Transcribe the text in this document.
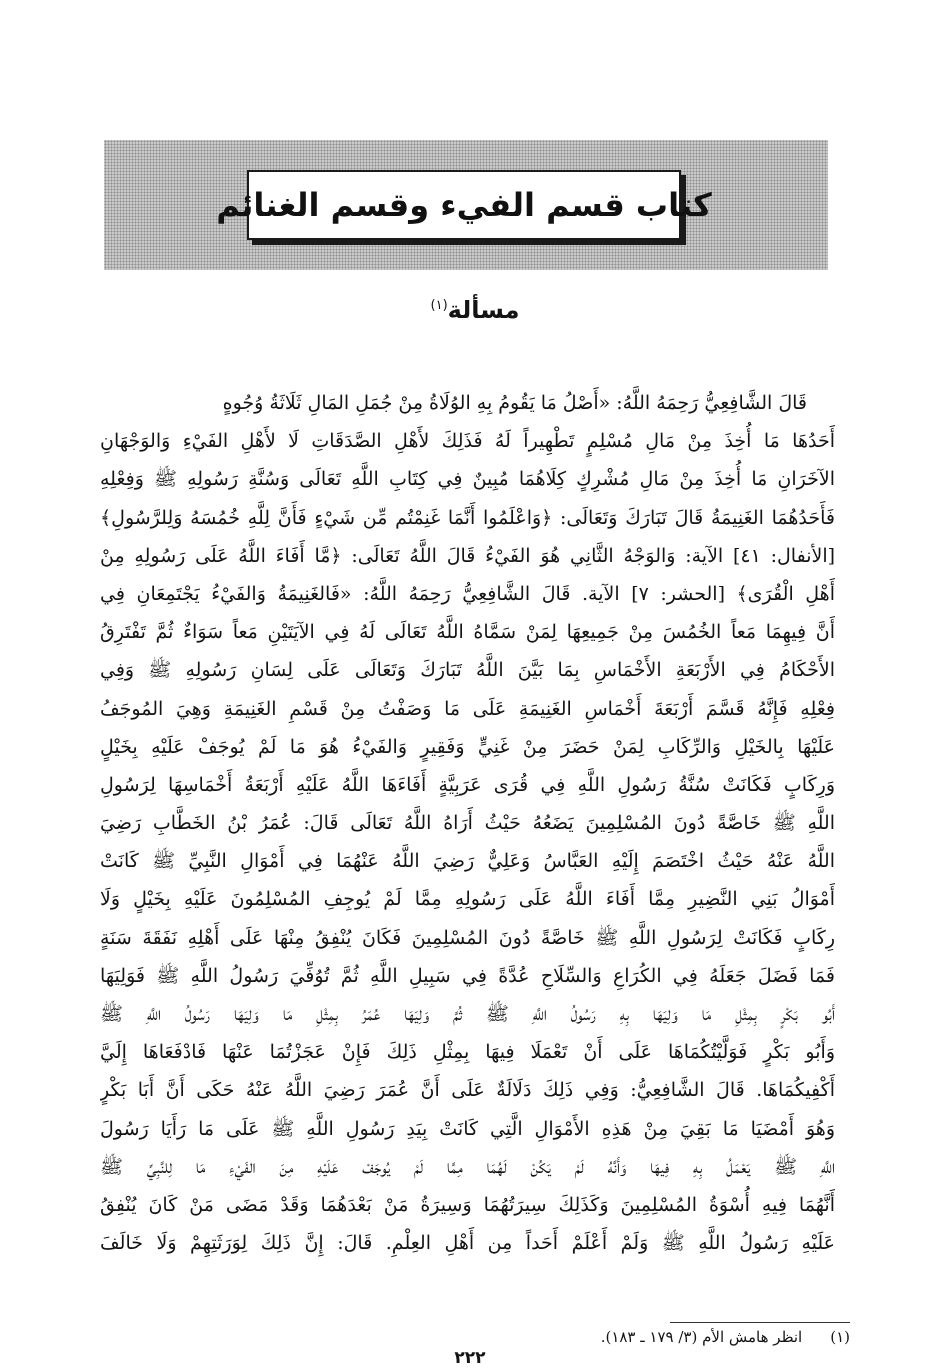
كتاب قسم الفيء وقسم الغنائم
مسألة$^{(١)}$
قَالَ الشَّافِعِيُّ رَحِمَهُ اللَّهُ: «أَصْلُ مَا يَقُومُ بِهِ الوُلَاةُ مِنْ جُمَلِ المَالِ ثَلَاثَةُ وُجُوهٍ
أَحَدُهَا مَا أُخِذَ مِنْ مَالِ مُسْلِمٍ تَطْهِيراً لَهُ فَذَلِكَ لأَهْلِ الصَّدَقَاتِ لَا لأَهْلِ الفَيْءِ وَالوَجْهَانِ
الآخَرَانِ مَا أُخِذَ مِنْ مَالِ مُشْرِكٍ كِلَاهُمَا مُبِينٌ فِي كِتَابِ اللَّهِ تَعَالَى وَسُنَّةِ رَسُولِهِ ﷺ وَفِعْلِهِ
فَأَحَدُهُمَا الغَنِيمَةُ قَالَ تَبَارَكَ وَتَعَالَى: ﴿وَاعْلَمُوا أَنَّمَا غَنِمْتُم مِّن شَيْءٍ فَأَنَّ لِلَّهِ خُمُسَهُ وَلِلرَّسُولِ﴾
[الأنفال: ٤١] الآية: وَالوَجْهُ الثَّانِي هُوَ الفَيْءُ قَالَ اللَّهُ تَعَالَى: ﴿مَّا أَفَاءَ اللَّهُ عَلَى رَسُولِهِ مِنْ
أَهْلِ الْقُرَى﴾ [الحشر: ٧] الآية. قَالَ الشَّافِعِيُّ رَحِمَهُ اللَّهُ: «فَالغَنِيمَةُ وَالفَيْءُ يَجْتَمِعَانِ فِي
أَنَّ فِيهِمَا مَعاً الخُمُسَ مِنْ جَمِيعِهَا لِمَنْ سَمَّاهُ اللَّهُ تَعَالَى لَهُ فِي الآيَتَيْنِ مَعاً سَوَاءٌ ثُمَّ تَفْتَرِقُ
الأَحْكَامُ فِي الأَرْبَعَةِ الأَخْمَاسِ بِمَا بَيَّنَ اللَّهُ تَبَارَكَ وَتَعَالَى عَلَى لِسَانِ رَسُولِهِ ﷺ وَفِي
فِعْلِهِ فَإِنَّهُ قَسَّمَ أَرْبَعَةَ أَخْمَاسِ الغَنِيمَةِ عَلَى مَا وَصَفْتُ مِنْ قَسْمِ الغَنِيمَةِ وَهِيَ المُوجَفُ
عَلَيْهَا بِالخَيْلِ وَالرِّكَابِ لِمَنْ حَضَرَ مِنْ غَنِيٍّ وَفَقِيرٍ وَالفَيْءُ هُوَ مَا لَمْ يُوجَفْ عَلَيْهِ بِخَيْلٍ
وَرِكَابٍ فَكَانَتْ سُنَّةُ رَسُولِ اللَّهِ فِي قُرَى عَرَبِيَّةٍ أَفَاءَهَا اللَّهُ عَلَيْهِ أَرْبَعَةُ أَخْمَاسِهَا لِرَسُولِ
اللَّهِ ﷺ خَاصَّةً دُونَ المُسْلِمِينَ يَضَعُهُ حَيْثُ أَرَاهُ اللَّهُ تَعَالَى قَالَ: عُمَرُ بْنُ الخَطَّابِ رَضِيَ
اللَّهُ عَنْهُ حَيْثُ اخْتَصَمَ إِلَيْهِ العَبَّاسُ وَعَلِيٌّ رَضِيَ اللَّهُ عَنْهُمَا فِي أَمْوَالِ النَّبِيِّ ﷺ كَانَتْ
أَمْوَالُ بَنِي النَّضِيرِ مِمَّا أَفَاءَ اللَّهُ عَلَى رَسُولِهِ مِمَّا لَمْ يُوجِفِ المُسْلِمُونَ عَلَيْهِ بِخَيْلٍ وَلَا
رِكَابٍ فَكَانَتْ لِرَسُولِ اللَّهِ ﷺ خَاصَّةً دُونَ المُسْلِمِينَ فَكَانَ يُنْفِقُ مِنْهَا عَلَى أَهْلِهِ نَفَقَةَ سَنَةٍ
فَمَا فَضَلَ جَعَلَهُ فِي الكُرَاعِ وَالسِّلَاحِ عُدَّةً فِي سَبِيلِ اللَّهِ ثُمَّ تُوُفِّيَ رَسُولُ اللَّهِ ﷺ فَوَلِيَهَا
أَبُو بَكْرٍ بِمِثْلِ مَا وَلِيَهَا بِهِ رَسُولُ اللَّهِ ﷺ ثُمَّ وَلِيَهَا عُمَرُ بِمِثْلِ مَا وَلِيَهَا رَسُولُ اللَّهِ ﷺ
وَأَبُو بَكْرٍ فَوَلَّيْتُكُمَاهَا عَلَى أَنْ تَعْمَلَا فِيهَا بِمِثْلِ ذَلِكَ فَإِنْ عَجَزْتُمَا عَنْهَا فَادْفَعَاهَا إِلَيَّ
أَكْفِيكُمَاهَا. قَالَ الشَّافِعِيُّ: وَفِي ذَلِكَ دَلَالَةٌ عَلَى أَنَّ عُمَرَ رَضِيَ اللَّهُ عَنْهُ حَكَى أَنَّ أَبَا بَكْرٍ
وَهُوَ أَمْضَيَا مَا بَقِيَ مِنْ هَذِهِ الأَمْوَالِ الَّتِي كَانَتْ بِيَدِ رَسُولِ اللَّهِ ﷺ عَلَى مَا رَأَيَا رَسُولَ
اللَّهِ ﷺ يَعْمَلُ بِهِ فِيهَا وَأَنَّهُ لَمْ يَكُنْ لَهُمَا مِمَّا لَمْ يُوجَفْ عَلَيْهِ مِنَ الفَيْءِ مَا لِلنَّبِيِّ ﷺ
أَنَّهُمَا فِيهِ أُسْوَةُ المُسْلِمِينَ وَكَذَلِكَ سِيرَتُهُمَا وَسِيرَةُ مَنْ بَعْدَهُمَا وَقَدْ مَضَى مَنْ كَانَ يُنْفِقُ
عَلَيْهِ رَسُولُ اللَّهِ ﷺ وَلَمْ أَعْلَمْ أَحَداً مِن أَهْلِ العِلْمِ. قَالَ: إِنَّ ذَلِكَ لِوَرَثَتِهِمْ وَلَا خَالَفَ
(١)انظر هامش الأم (٣/ ١٧٩ ـ ١٨٣).
٢٢٢
